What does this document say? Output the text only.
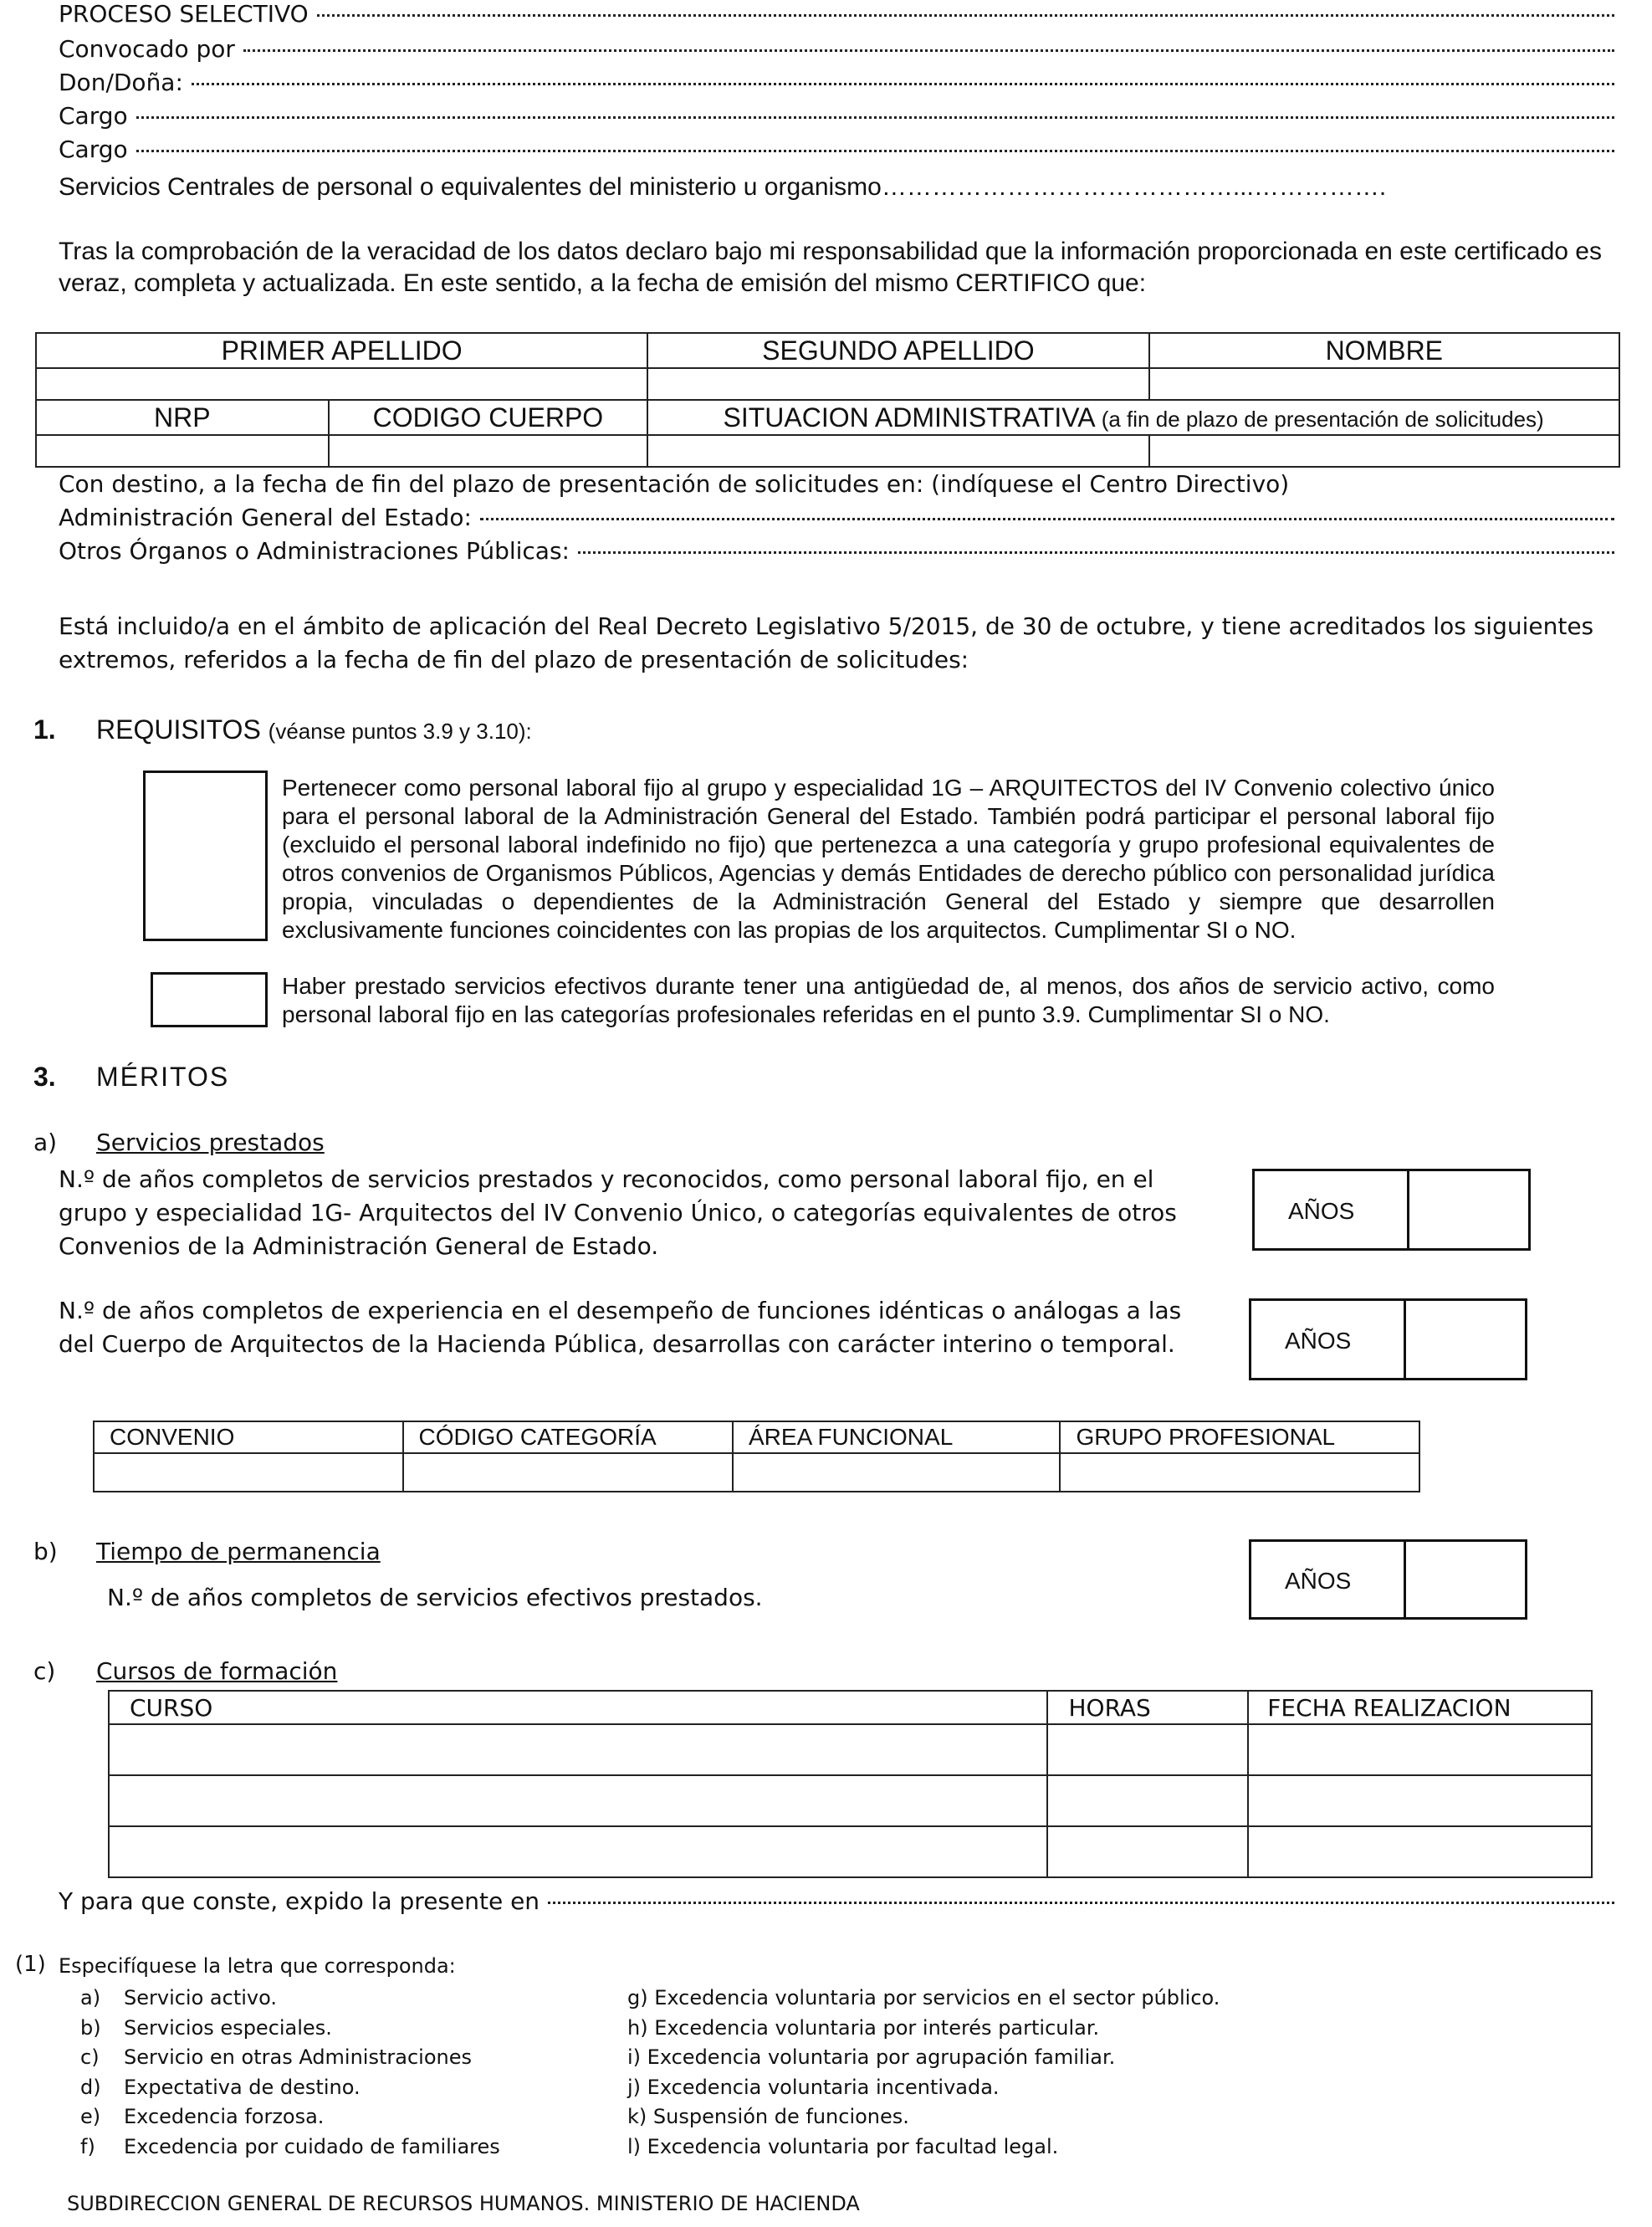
PROCESO SELECTIVO
Convocado por
Don/Doña:
Cargo
Cargo
Servicios Centrales de personal o equivalentes del ministerio u organismo……………………………………...…………….
Tras la comprobación de la veracidad de los datos declaro bajo mi responsabilidad que la información proporcionada en este certificado es veraz, completa y actualizada. En este sentido, a la fecha de emisión del mismo CERTIFICO que:
PRIMER APELLIDO		SEGUNDO APELLIDO	NOMBRE

NRP	CODIGO CUERPO	SITUACION ADMINISTRATIVA (a fin de plazo de presentación de solicitudes)	

Con destino, a la fecha de fin del plazo de presentación de solicitudes en: (indíquese el Centro Directivo)
Administración General del Estado:
Otros Órganos o Administraciones Públicas:
Está incluido/a en el ámbito de aplicación del Real Decreto Legislativo 5/2015, de 30 de octubre, y tiene acreditados los siguientes extremos, referidos a la fecha de fin del plazo de presentación de solicitudes:
1. REQUISITOS (véanse puntos 3.9 y 3.10):
Pertenecer como personal laboral fijo al grupo y especialidad 1G – ARQUITECTOS del IV Convenio colectivo único para el personal laboral de la Administración General del Estado. También podrá participar el personal laboral fijo (excluido el personal laboral indefinido no fijo) que pertenezca a una categoría y grupo profesional equivalentes de otros convenios de Organismos Públicos, Agencias y demás Entidades de derecho público con personalidad jurídica propia, vinculadas o dependientes de la Administración General del Estado y siempre que desarrollen exclusivamente funciones coincidentes con las propias de los arquitectos. Cumplimentar SI o NO.
Haber prestado servicios efectivos durante tener una antigüedad de, al menos, dos años de servicio activo, como personal laboral fijo en las categorías profesionales referidas en el punto 3.9. Cumplimentar SI o NO.
3. MÉRITOS
a) Servicios prestados
N.º de años completos de servicios prestados y reconocidos, como personal laboral fijo, en el grupo y especialidad 1G- Arquitectos del IV Convenio Único, o categorías equivalentes de otros Convenios de la Administración General de Estado.
AÑOS
N.º de años completos de experiencia en el desempeño de funciones idénticas o análogas a las del Cuerpo de Arquitectos de la Hacienda Pública, desarrollas con carácter interino o temporal.	AÑOS
CONVENIO	CÓDIGO CATEGORÍA	ÁREA FUNCIONAL	GRUPO PROFESIONAL

b) Tiempo de permanencia
N.º de años completos de servicios efectivos prestados.
AÑOS
c) Cursos de formación
CURSO	HORAS	FECHA REALIZACION

Y para que conste, expido la presente en
(1) Especifíquese la letra que corresponda:
a) Servicio activo.
b) Servicios especiales.
c) Servicio en otras Administraciones
d) Expectativa de destino.
e) Excedencia forzosa.
f) Excedencia por cuidado de familiares
g) Excedencia voluntaria por servicios en el sector público.
h) Excedencia voluntaria por interés particular.
i) Excedencia voluntaria por agrupación familiar.
j) Excedencia voluntaria incentivada.
k) Suspensión de funciones.
l) Excedencia voluntaria por facultad legal.
SUBDIRECCION GENERAL DE RECURSOS HUMANOS. MINISTERIO DE HACIENDA
